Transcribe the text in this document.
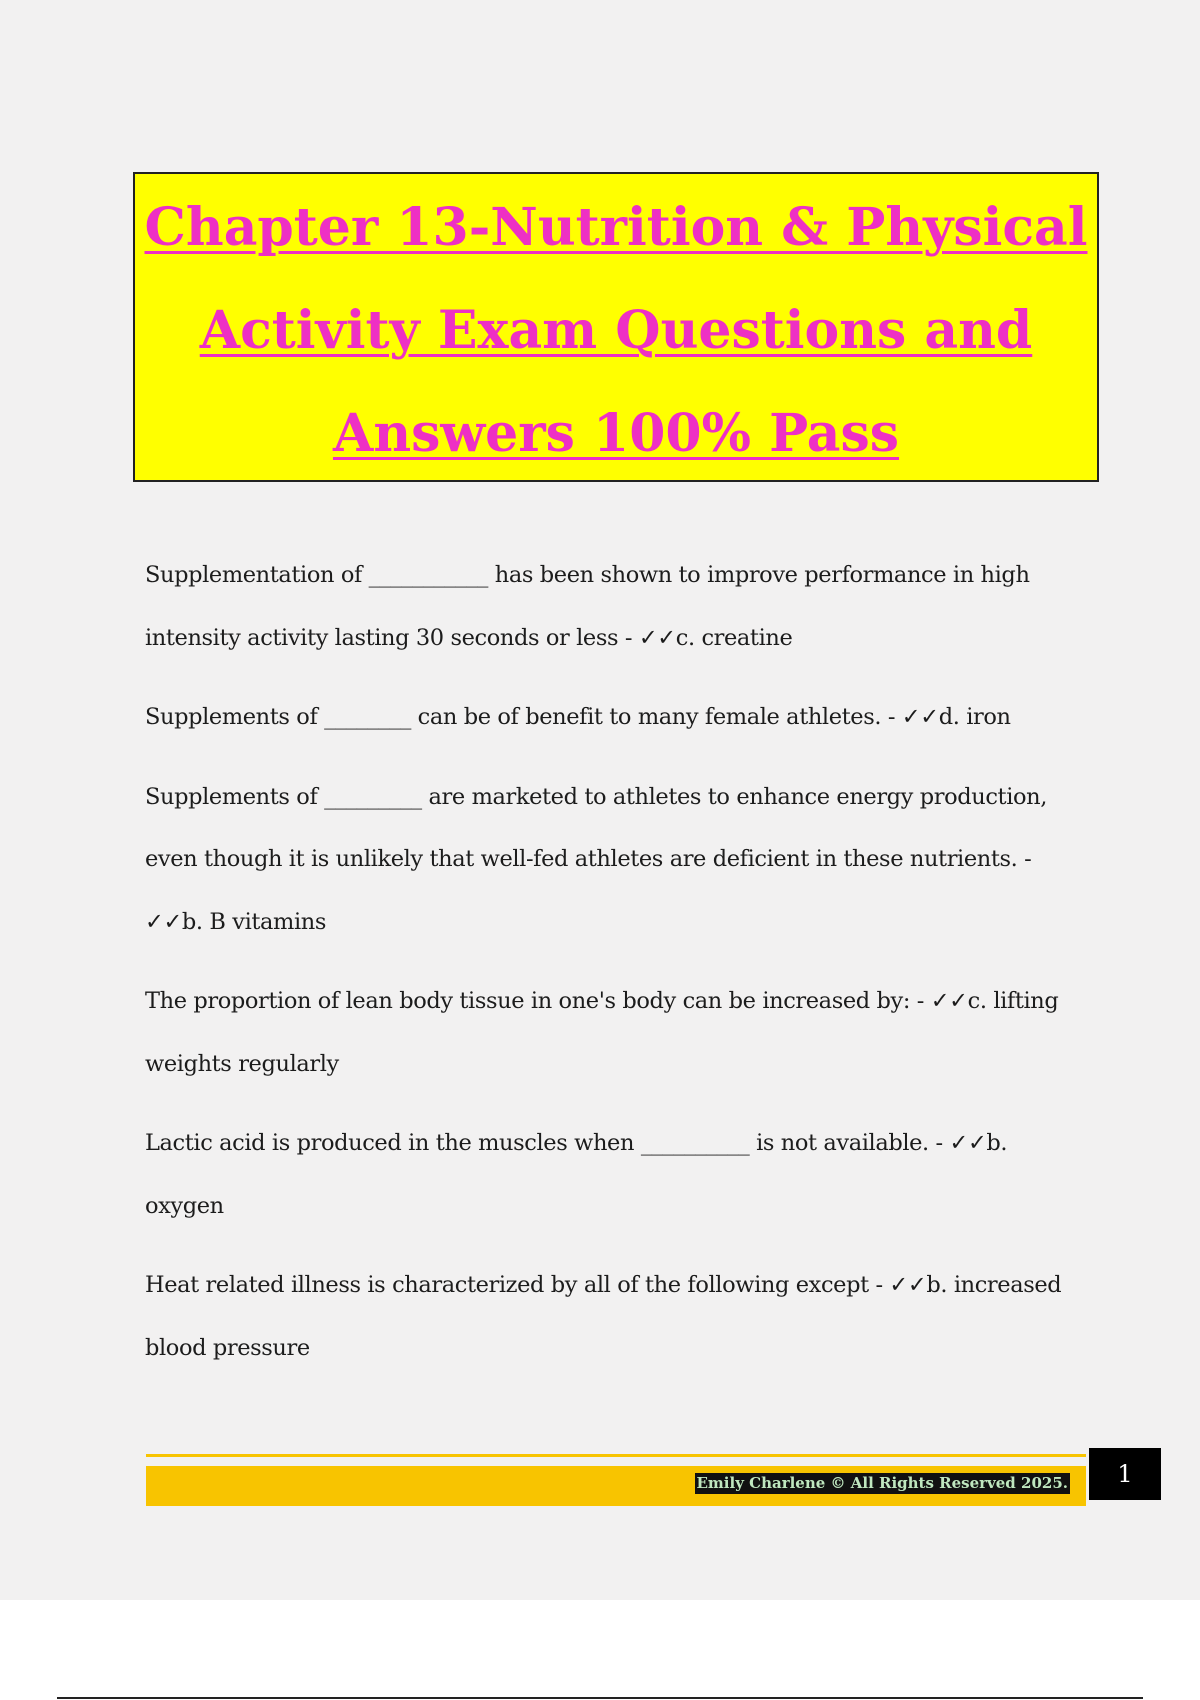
Chapter 13-Nutrition & Physical
Activity Exam Questions and
Answers 100% Pass
Supplementation of ___________ has been shown to improve performance in high intensity activity lasting 30 seconds or less - ✓✓c. creatine
Supplements of ________ can be of benefit to many female athletes. - ✓✓d. iron
Supplements of _________ are marketed to athletes to enhance energy production, even though it is unlikely that well-fed athletes are deficient in these nutrients. - ✓✓b. B vitamins
The proportion of lean body tissue in one's body can be increased by: - ✓✓c. lifting weights regularly
Lactic acid is produced in the muscles when __________ is not available. - ✓✓b. oxygen
Heat related illness is characterized by all of the following except - ✓✓b. increased blood pressure
Emily Charlene © All Rights Reserved 2025.	1
